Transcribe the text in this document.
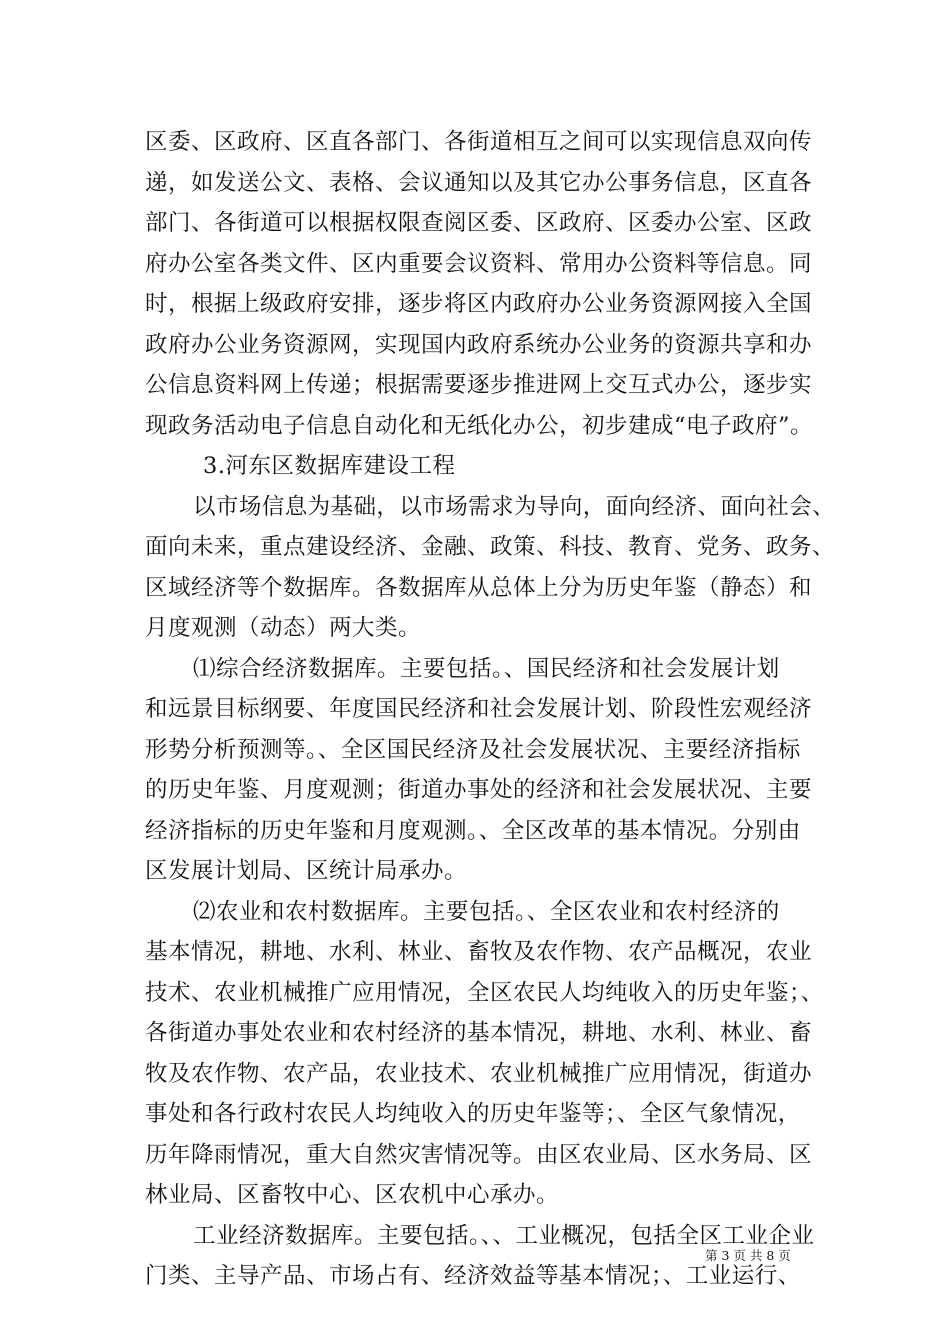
区委、区政府、区直各部门、各街道相互之间可以实现信息双向传
递，如发送公文、表格、会议通知以及其它办公事务信息，区直各
部门、各街道可以根据权限查阅区委、区政府、区委办公室、区政
府办公室各类文件、区内重要会议资料、常用办公资料等信息。同
时，根据上级政府安排，逐步将区内政府办公业务资源网接入全国
政府办公业务资源网，实现国内政府系统办公业务的资源共享和办
公信息资料网上传递；根据需要逐步推进网上交互式办公，逐步实
现政务活动电子信息自动化和无纸化办公，初步建成“电子政府”。
3.河东区数据库建设工程
以市场信息为基础，以市场需求为导向，面向经济、面向社会、
面向未来，重点建设经济、金融、政策、科技、教育、党务、政务、
区域经济等个数据库。各数据库从总体上分为历史年鉴（静态）和
月度观测（动态）两大类。
⑴综合经济数据库。主要包括。、国民经济和社会发展计划
和远景目标纲要、年度国民经济和社会发展计划、阶段性宏观经济
形势分析预测等。、全区国民经济及社会发展状况、主要经济指标
的历史年鉴、月度观测；街道办事处的经济和社会发展状况、主要
经济指标的历史年鉴和月度观测。、全区改革的基本情况。分别由
区发展计划局、区统计局承办。
⑵农业和农村数据库。主要包括。、全区农业和农村经济的
基本情况，耕地、水利、林业、畜牧及农作物、农产品概况，农业
技术、农业机械推广应用情况，全区农民人均纯收入的历史年鉴；、
各街道办事处农业和农村经济的基本情况，耕地、水利、林业、畜
牧及农作物、农产品，农业技术、农业机械推广应用情况，街道办
事处和各行政村农民人均纯收入的历史年鉴等；、全区气象情况，
历年降雨情况，重大自然灾害情况等。由区农业局、区水务局、区
林业局、区畜牧中心、区农机中心承办。
工业经济数据库。主要包括。、、工业概况，包括全区工业企业
门类、主导产品、市场占有、经济效益等基本情况；、工业运行、
第 3 页 共 8 页
